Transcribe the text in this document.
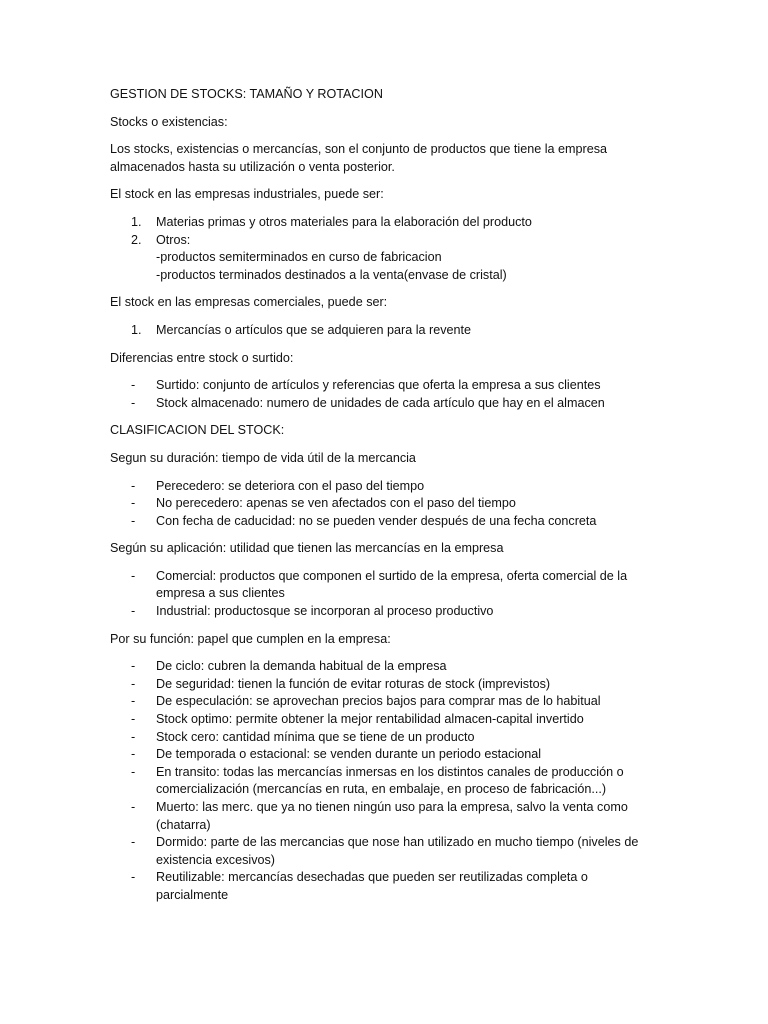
GESTION DE STOCKS: TAMAÑO Y ROTACION

Stocks o existencias:

Los stocks, existencias o mercancías, son el conjunto de productos que tiene la empresa
almacenados hasta su utilización o venta posterior.

El stock en las empresas industriales, puede ser:

1.	Materias primas y otros materiales para la elaboración del producto
2.	Otros:
-productos semiterminados en curso de fabricacion
-productos terminados destinados a la venta(envase de cristal)

El stock en las empresas comerciales, puede ser:

1.	Mercancías o artículos que se adquieren para la revente

Diferencias entre stock o surtido:

-	Surtido: conjunto de artículos y referencias que oferta la empresa a sus clientes
-	Stock almacenado: numero de unidades de cada artículo que hay en el almacen

CLASIFICACION DEL STOCK:

Segun su duración: tiempo de vida útil de la mercancia

-	Perecedero: se deteriora con el paso del tiempo
-	No perecedero: apenas se ven afectados con el paso del tiempo
-	Con fecha de caducidad: no se pueden vender después de una fecha concreta

Según su aplicación: utilidad que tienen las mercancías en la empresa

-	Comercial: productos que componen el surtido de la empresa, oferta comercial de la
empresa a sus clientes
-	Industrial: productosque se incorporan al proceso productivo

Por su función: papel que cumplen en la empresa:

-	De ciclo: cubren la demanda habitual de la empresa
-	De seguridad: tienen la función de evitar roturas de stock (imprevistos)
-	De especulación: se aprovechan precios bajos para comprar mas de lo habitual
-	Stock optimo: permite obtener la mejor rentabilidad almacen-capital invertido
-	Stock cero: cantidad mínima que se tiene de un producto
-	De temporada o estacional: se venden durante un periodo estacional
-	En transito: todas las mercancías inmersas en los distintos canales de producción o
comercialización (mercancías en ruta, en embalaje, en proceso de fabricación...)
-	Muerto: las merc. que ya no tienen ningún uso para la empresa, salvo la venta como
(chatarra)
-	Dormido: parte de las mercancias que nose han utilizado en mucho tiempo (niveles de
existencia excesivos)
-	Reutilizable: mercancías desechadas que pueden ser reutilizadas completa o
parcialmente
